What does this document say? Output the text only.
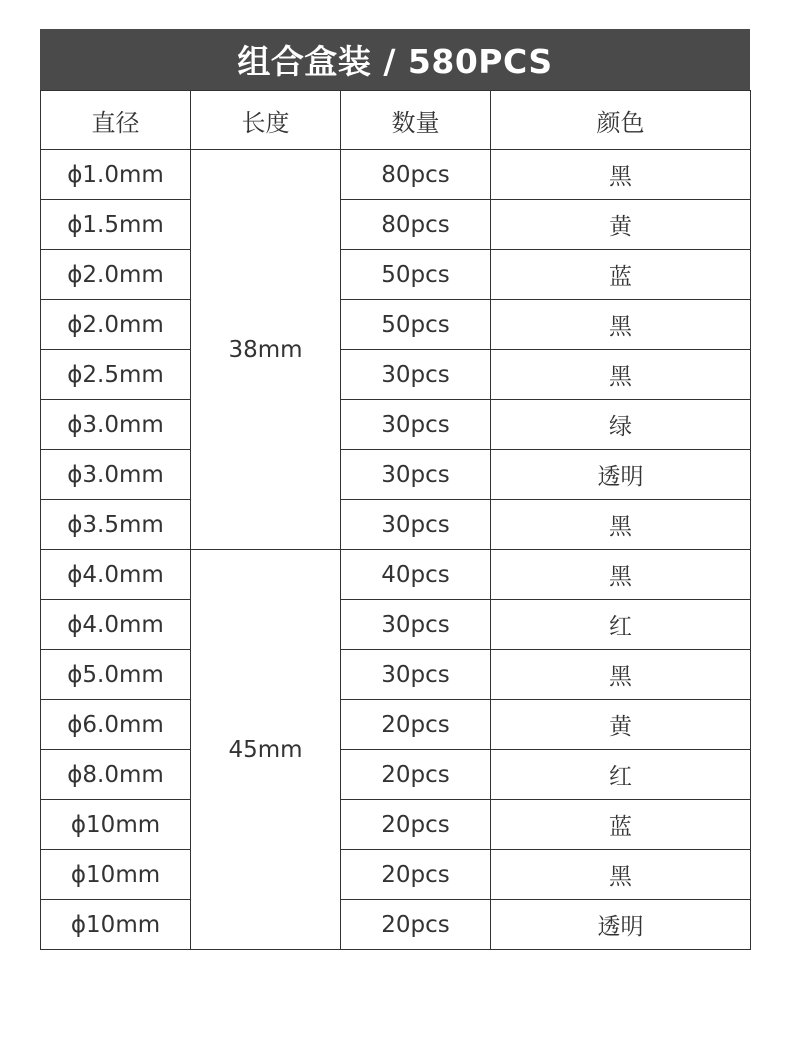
组合盒装 / 580PCS
直径	长度	数量	颜色
ϕ1.0mm	38mm	80pcs	黑
ϕ1.5mm		80pcs	黄
ϕ2.0mm		50pcs	蓝
ϕ2.0mm		50pcs	黑
ϕ2.5mm		30pcs	黑
ϕ3.0mm		30pcs	绿
ϕ3.0mm		30pcs	透明
ϕ3.5mm		30pcs	黑
ϕ4.0mm	45mm	40pcs	黑
ϕ4.0mm		30pcs	红
ϕ5.0mm		30pcs	黑
ϕ6.0mm		20pcs	黄
ϕ8.0mm		20pcs	红
ϕ10mm		20pcs	蓝
ϕ10mm		20pcs	黑
ϕ10mm		20pcs	透明
